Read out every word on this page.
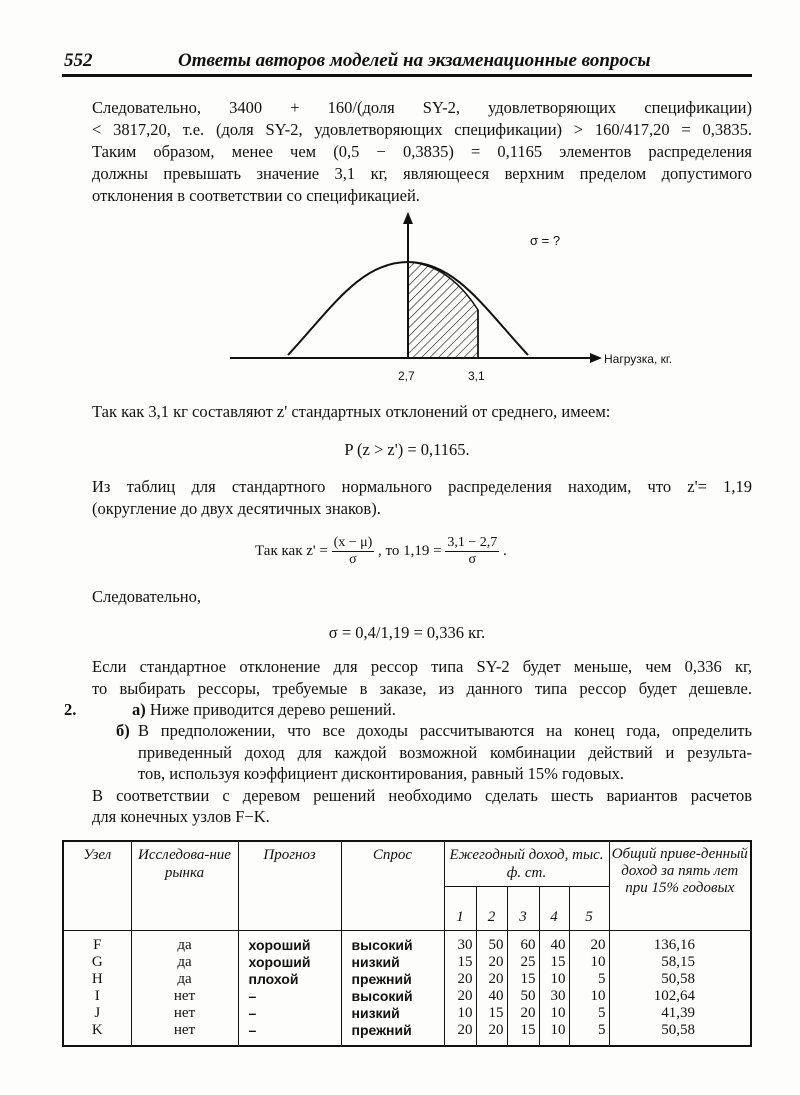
552	Ответы авторов моделей на экзаменационные вопросы
Следовательно, 3400 + 160/(доля SY-2, удовлетворяющих спецификации)
< 3817,20, т.е. (доля SY-2, удовлетворяющих спецификации) > 160/417,20 = 0,3835.
Таким образом, менее чем (0,5 − 0,3835) = 0,1165 элементов распределения
должны превышать значение 3,1 кг, являющееся верхним пределом допустимого
отклонения в соответствии со спецификацией.
σ = ?
Нагрузка, кг.
2,7	3,1
Так как 3,1 кг составляют z' стандартных отклонений от среднего, имеем:
P (z > z') = 0,1165.
Из таблиц для стандартного нормального распределения находим, что z'= 1,19
(округление до двух десятичных знаков).
Так как $z' = \frac{(x - \mu)}{\sigma}$ , то $1,19 = \frac{3,1 - 2,7}{\sigma}$ .
Следовательно,
σ = 0,4/1,19 = 0,336 кг.
Если стандартное отклонение для рессор типа SY-2 будет меньше, чем 0,336 кг,
то выбирать рессоры, требуемые в заказе, из данного типа рессор будет дешевле.
2.	а) Ниже приводится дерево решений.
б) В предположении, что все доходы рассчитываются на конец года, определить
приведенный доход для каждой возможной комбинации действий и результа-
тов, используя коэффициент дисконтирования, равный 15% годовых.
В соответствии с деревом решений необходимо сделать шесть вариантов расчетов
для конечных узлов F−K.
Узел	Исследова-ние рынка	Прогноз	Спрос	Ежегодный доход, тыс. ф. ст.					Общий приве-денный доход за пять лет при 15% годовых
				1	2	3	4	5	
F	да	хороший	высокий	30	50	60	40	20	136,16
G	да	хороший	низкий	15	20	25	15	10	58,15
H	да	плохой	прежний	20	20	15	10	5	50,58
I	нет	–	высокий	20	40	50	30	10	102,64
J	нет	–	низкий	10	15	20	10	5	41,39
K	нет	–	прежний	20	20	15	10	5	50,58
